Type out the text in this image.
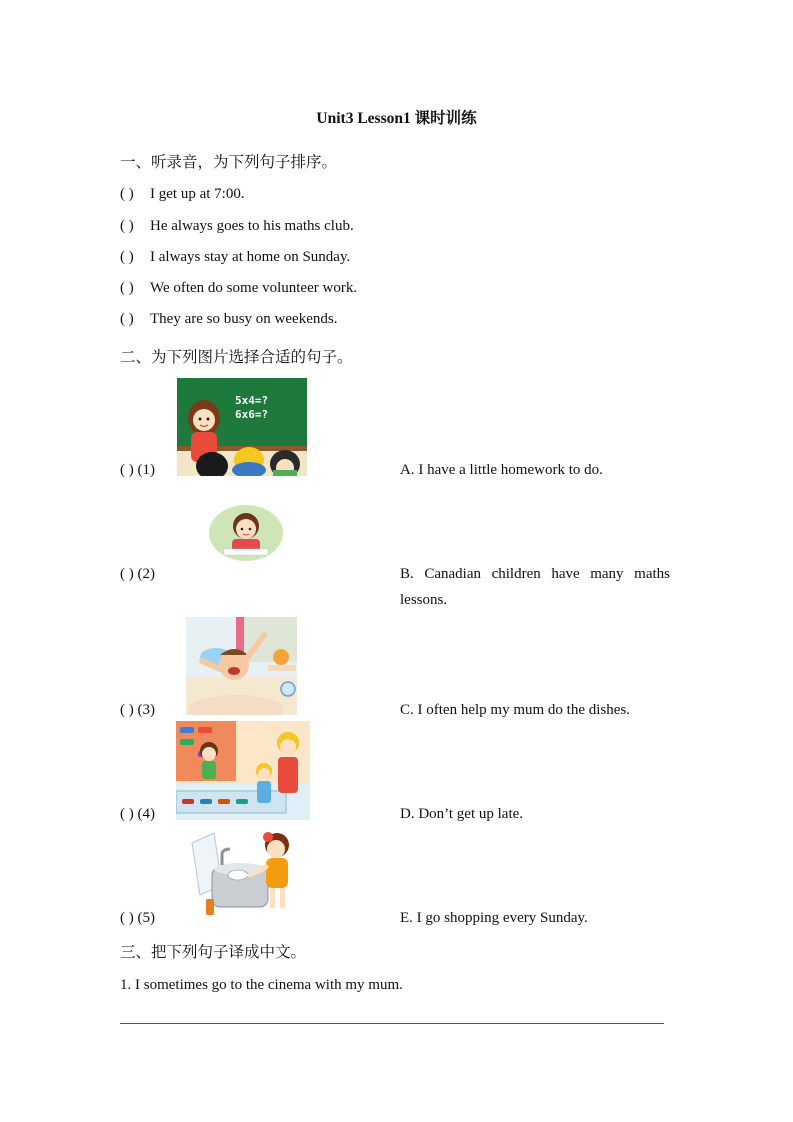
Unit3 Lesson1 课时训练
一、听录音，为下列句子排序。
( ) I get up at 7:00.
( ) He always goes to his maths club.
( ) I always stay at home on Sunday.
( ) We often do some volunteer work.
( ) They are so busy on weekends.
二、为下列图片选择合适的句子。
5x4=?
6x6=?
( ) (1)	A. I have a little homework to do.
( ) (2)	B. Canadian children have many maths
lessons.
( ) (3)	C. I often help my mum do the dishes.
( ) (4)	D. Don’t get up late.
( ) (5)	E. I go shopping every Sunday.
三、把下列句子译成中文。
1. I sometimes go to the cinema with my mum.
